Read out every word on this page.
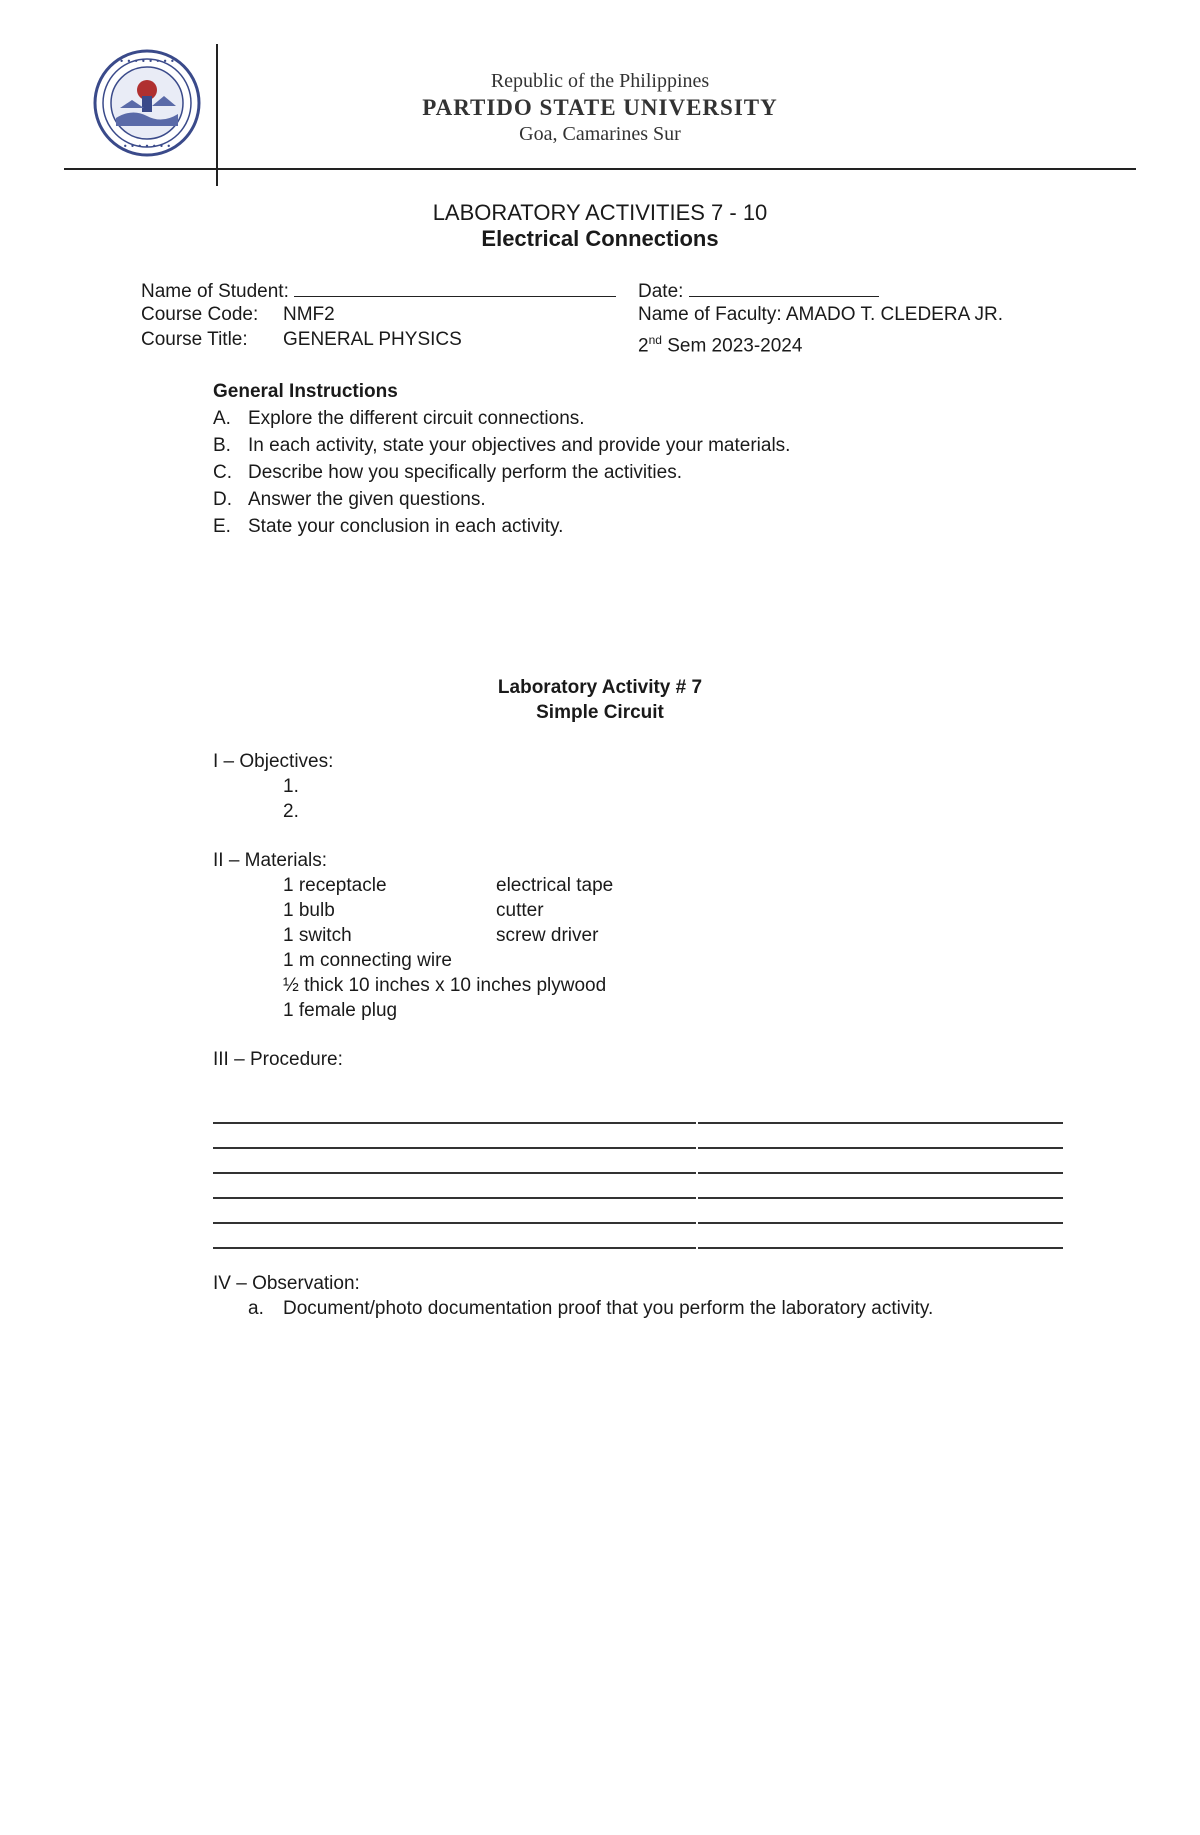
• • • • • • • •
• • • • • • •
Republic of the Philippines
PARTIDO STATE UNIVERSITY
Goa, Camarines Sur
LABORATORY ACTIVITIES 7 - 10
Electrical Connections
Name of Student:	Date:
Course Code: NMF2	Name of Faculty: AMADO T. CLEDERA JR.
Course Title: GENERAL PHYSICS	2nd Sem 2023-2024
General Instructions
A. Explore the different circuit connections.
B. In each activity, state your objectives and provide your materials.
C. Describe how you specifically perform the activities.
D. Answer the given questions.
E. State your conclusion in each activity.
Laboratory Activity # 7
Simple Circuit
I – Objectives:
1.
2.
II – Materials:
1 receptacle	electrical tape
1 bulb	cutter
1 switch	screw driver
1 m connecting wire
½ thick 10 inches x 10 inches plywood
1 female plug
III – Procedure:
IV – Observation:
a. Document/photo documentation proof that you perform the laboratory activity.
